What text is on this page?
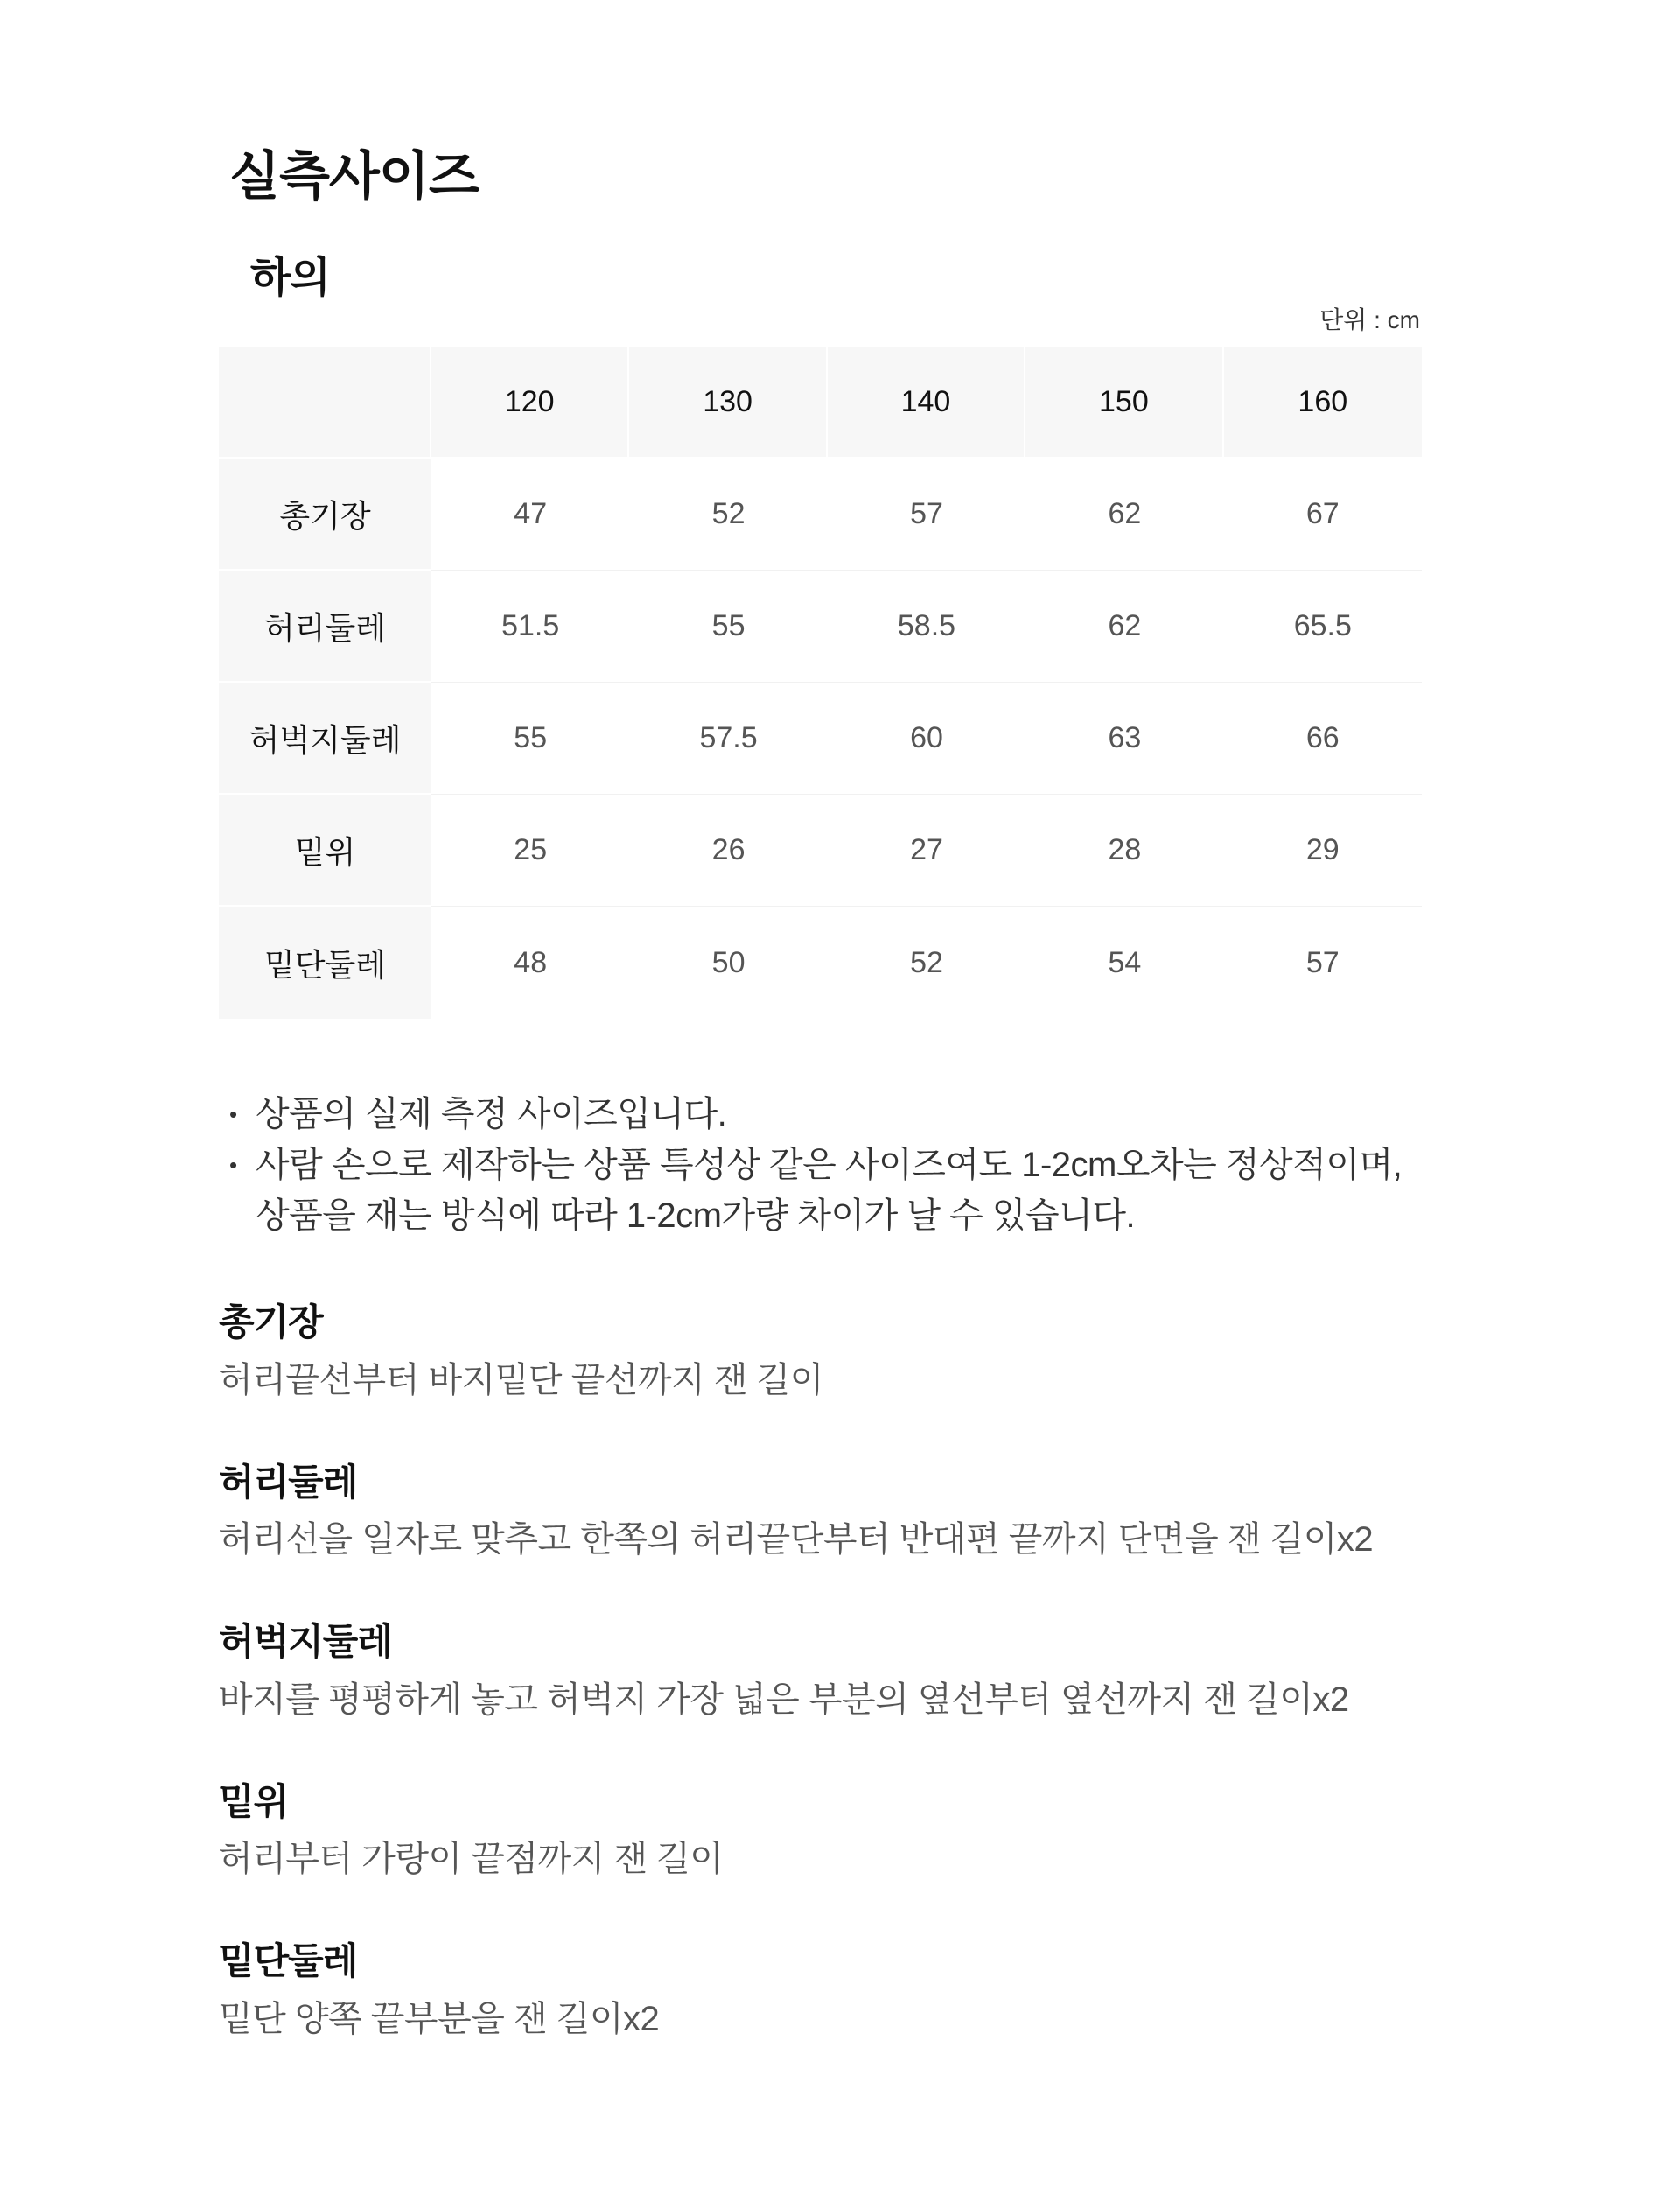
실측사이즈
하의
단위 : cm
	120	130	140	150	160
총기장	47	52	57	62	67
허리둘레	51.5	55	58.5	62	65.5
허벅지둘레	55	57.5	60	63	66
밑위	25	26	27	28	29
밑단둘레	48	50	52	54	57
• 상품의 실제 측정 사이즈입니다.
• 사람 손으로 제작하는 상품 특성상 같은 사이즈여도 1-2cm오차는 정상적이며,
상품을 재는 방식에 따라 1-2cm가량 차이가 날 수 있습니다.
총기장

허리끝선부터 바지밑단 끝선까지 잰 길이

허리둘레

허리선을 일자로 맞추고 한쪽의 허리끝단부터 반대편 끝까지 단면을 잰 길이x2

허벅지둘레

바지를 평평하게 놓고 허벅지 가장 넓은 부분의 옆선부터 옆선까지 잰 길이x2

밑위

허리부터 가랑이 끝점까지 잰 길이

밑단둘레

밑단 양쪽 끝부분을 잰 길이x2
